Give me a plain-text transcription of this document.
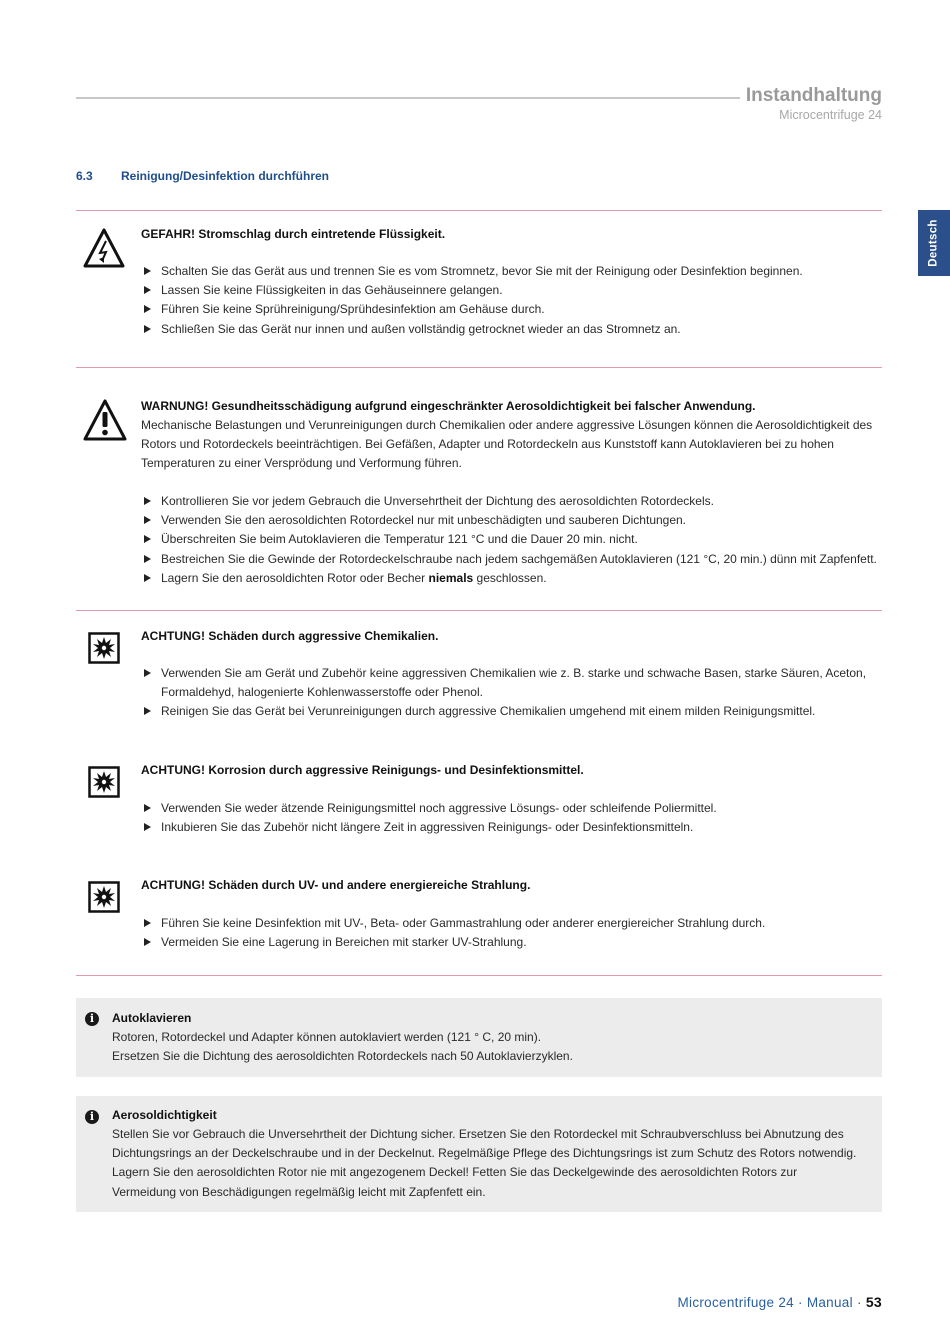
Instandhaltung
Microcentrifuge 24
Deutsch
6.3 Reinigung/Desinfektion durchführen
GEFAHR! Stromschlag durch eintretende Flüssigkeit.
Schalten Sie das Gerät aus und trennen Sie es vom Stromnetz, bevor Sie mit der Reinigung oder Desinfektion beginnen.
Lassen Sie keine Flüssigkeiten in das Gehäuseinnere gelangen.
Führen Sie keine Sprühreinigung/Sprühdesinfektion am Gehäuse durch.
Schließen Sie das Gerät nur innen und außen vollständig getrocknet wieder an das Stromnetz an.
WARNUNG! Gesundheitsschädigung aufgrund eingeschränkter Aerosoldichtigkeit bei falscher Anwendung.
Mechanische Belastungen und Verunreinigungen durch Chemikalien oder andere aggressive Lösungen können die Aerosoldichtigkeit des Rotors und Rotordeckels beeinträchtigen. Bei Gefäßen, Adapter und Rotordeckeln aus Kunststoff kann Autoklavieren bei zu hohen Temperaturen zu einer Versprödung und Verformung führen.
Kontrollieren Sie vor jedem Gebrauch die Unversehrtheit der Dichtung des aerosoldichten Rotordeckels.
Verwenden Sie den aerosoldichten Rotordeckel nur mit unbeschädigten und sauberen Dichtungen.
Überschreiten Sie beim Autoklavieren die Temperatur 121 °C und die Dauer 20 min. nicht.
Bestreichen Sie die Gewinde der Rotordeckelschraube nach jedem sachgemäßen Autoklavieren (121 °C, 20 min.) dünn mit Zapfenfett.
Lagern Sie den aerosoldichten Rotor oder Becher niemals geschlossen.
ACHTUNG! Schäden durch aggressive Chemikalien.
Verwenden Sie am Gerät und Zubehör keine aggressiven Chemikalien wie z. B. starke und schwache Basen, starke Säuren, Aceton, Formaldehyd, halogenierte Kohlenwasserstoffe oder Phenol.
Reinigen Sie das Gerät bei Verunreinigungen durch aggressive Chemikalien umgehend mit einem milden Reinigungsmittel.
ACHTUNG! Korrosion durch aggressive Reinigungs- und Desinfektionsmittel.
Verwenden Sie weder ätzende Reinigungsmittel noch aggressive Lösungs- oder schleifende Poliermittel.
Inkubieren Sie das Zubehör nicht längere Zeit in aggressiven Reinigungs- oder Desinfektionsmitteln.
ACHTUNG! Schäden durch UV- und andere energiereiche Strahlung.
Führen Sie keine Desinfektion mit UV-, Beta- oder Gammastrahlung oder anderer energiereicher Strahlung durch.
Vermeiden Sie eine Lagerung in Bereichen mit starker UV-Strahlung.
i	Autoklavieren
Rotoren, Rotordeckel und Adapter können autoklaviert werden (121 ° C, 20 min).
Ersetzen Sie die Dichtung des aerosoldichten Rotordeckels nach 50 Autoklavierzyklen.
i	Aerosoldichtigkeit
Stellen Sie vor Gebrauch die Unversehrtheit der Dichtung sicher. Ersetzen Sie den Rotordeckel mit Schraubverschluss bei Abnutzung des Dichtungsrings an der Deckelschraube und in der Deckelnut. Regelmäßige Pflege des Dichtungsrings ist zum Schutz des Rotors notwendig. Lagern Sie den aerosoldichten Rotor nie mit angezogenem Deckel! Fetten Sie das Deckelgewinde des aerosoldichten Rotors zur Vermeidung von Beschädigungen regelmäßig leicht mit Zapfenfett ein.
Microcentrifuge 24 · Manual · 53
